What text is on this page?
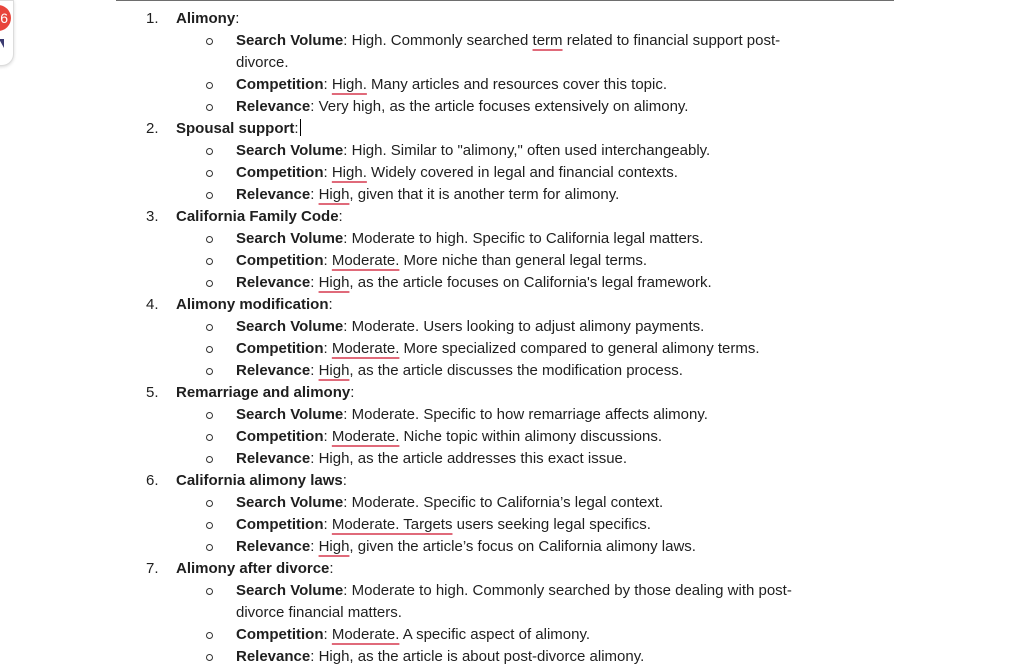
6	1.	Alimony:
Search Volume: High. Commonly searched term related to financial support post-divorce.
Competition: High. Many articles and resources cover this topic.
Relevance: Very high, as the article focuses extensively on alimony.
2.	Spousal support:
Search Volume: High. Similar to "alimony," often used interchangeably.
Competition: High. Widely covered in legal and financial contexts.
Relevance: High, given that it is another term for alimony.
3.	California Family Code:
Search Volume: Moderate to high. Specific to California legal matters.
Competition: Moderate. More niche than general legal terms.
Relevance: High, as the article focuses on California's legal framework.
4.	Alimony modification:
Search Volume: Moderate. Users looking to adjust alimony payments.
Competition: Moderate. More specialized compared to general alimony terms.
Relevance: High, as the article discusses the modification process.
5.	Remarriage and alimony:
Search Volume: Moderate. Specific to how remarriage affects alimony.
Competition: Moderate. Niche topic within alimony discussions.
Relevance: High, as the article addresses this exact issue.
6.	California alimony laws:
Search Volume: Moderate. Specific to California’s legal context.
Competition: Moderate. Targets users seeking legal specifics.
Relevance: High, given the article’s focus on California alimony laws.
7.	Alimony after divorce:
Search Volume: Moderate to high. Commonly searched by those dealing with post-divorce financial matters.
Competition: Moderate. A specific aspect of alimony.
Relevance: High, as the article is about post-divorce alimony.
